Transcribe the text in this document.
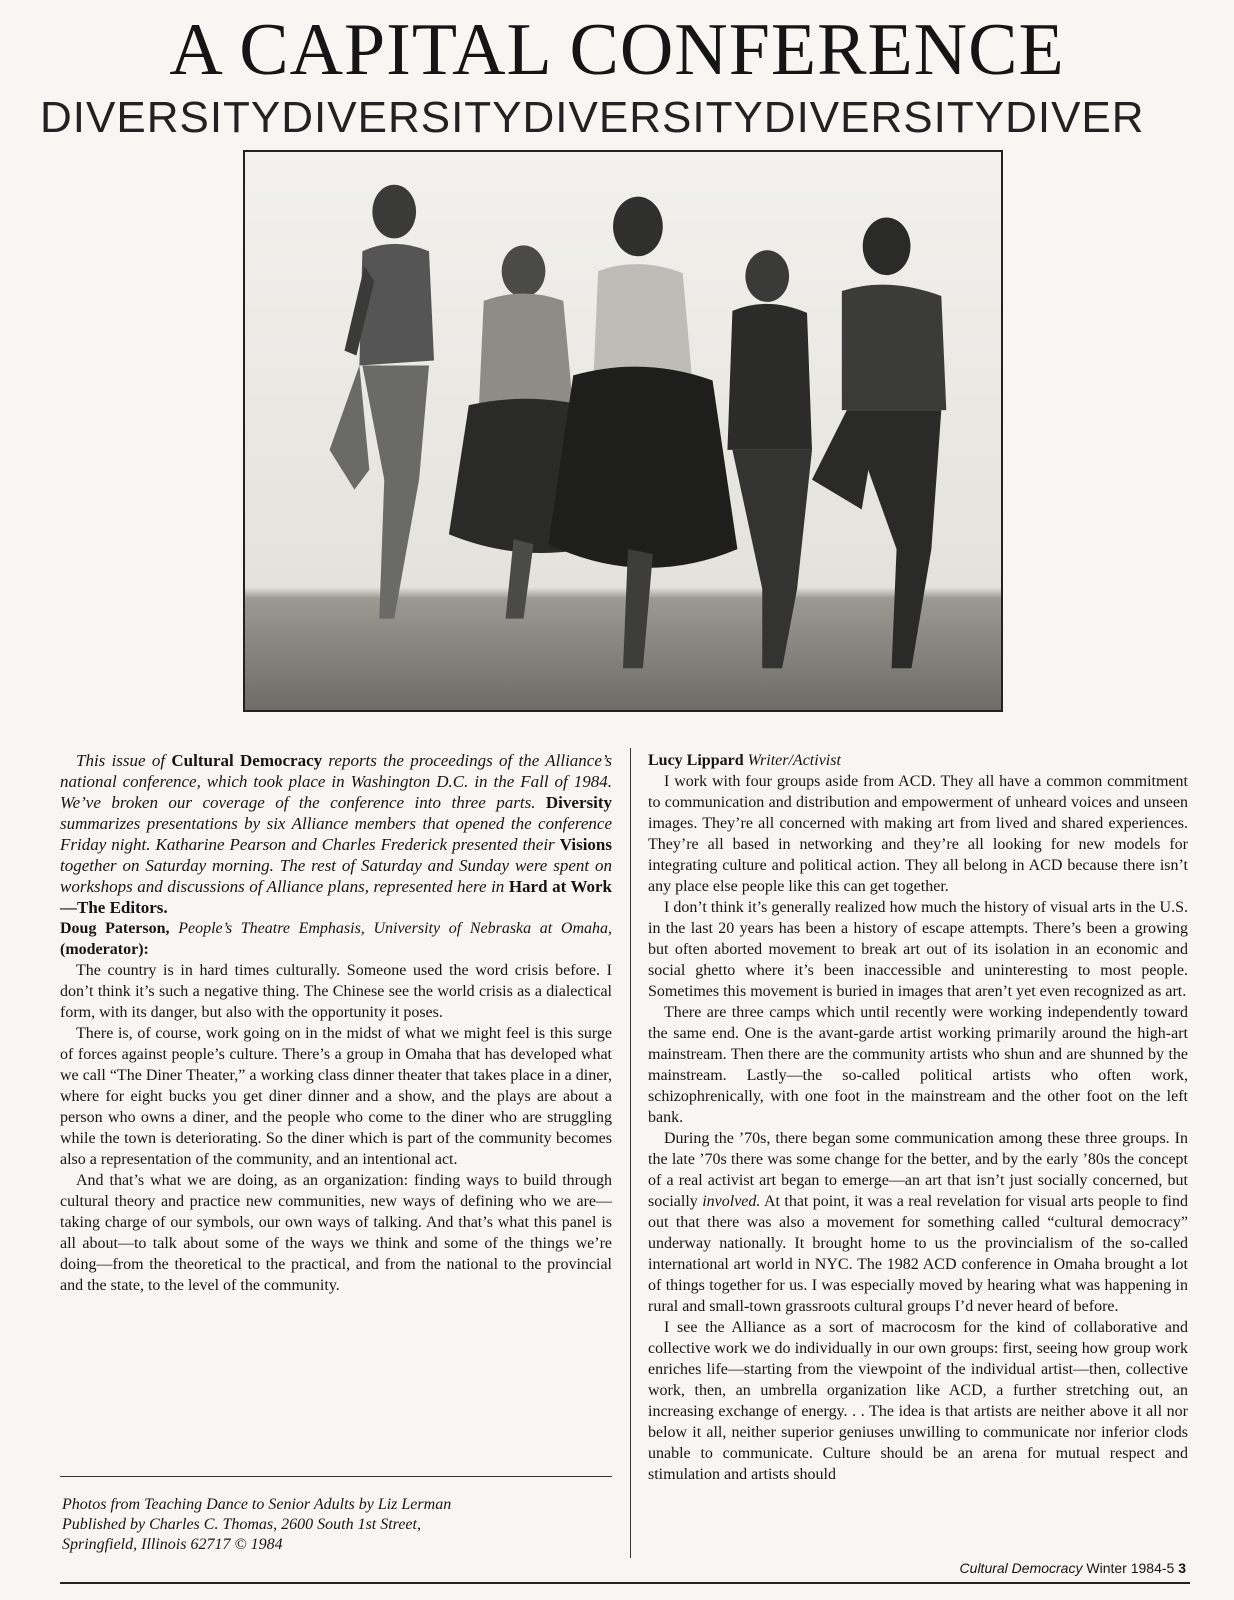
A CAPITAL CONFERENCE
DIVERSITYDIVERSITYDIVERSITYDIVERSITYDIVER

This issue of Cultural Democracy reports the proceedings of the Alliance’s national conference, which took place in Washington D.C. in the Fall of 1984. We’ve broken our coverage of the conference into three parts. Diversity summarizes presentations by six Alliance members that opened the conference Friday night. Katharine Pearson and Charles Frederick presented their Visions together on Saturday morning. The rest of Saturday and Sunday were spent on workshops and discussions of Alliance plans, represented here in Hard at Work—The Editors.

Doug Paterson, People’s Theatre Emphasis, University of Nebraska at Omaha, (moderator):

The country is in hard times culturally. Someone used the word crisis before. I don’t think it’s such a negative thing. The Chinese see the world crisis as a dialectical form, with its danger, but also with the opportunity it poses.

There is, of course, work going on in the midst of what we might feel is this surge of forces against people’s culture. There’s a group in Omaha that has developed what we call “The Diner Theater,” a working class dinner theater that takes place in a diner, where for eight bucks you get diner dinner and a show, and the plays are about a person who owns a diner, and the people who come to the diner who are struggling while the town is deteriorating. So the diner which is part of the community becomes also a representation of the community, and an intentional act.

And that’s what we are doing, as an organization: finding ways to build through cultural theory and practice new communities, new ways of defining who we are—taking charge of our symbols, our own ways of talking. And that’s what this panel is all about—to talk about some of the ways we think and some of the things we’re doing—from the theoretical to the practical, and from the national to the provincial and the state, to the level of the community.

Photos from Teaching Dance to Senior Adults by Liz Lerman
Published by Charles C. Thomas, 2600 South 1st Street,
Springfield, Illinois 62717 © 1984

Lucy Lippard Writer/Activist

I work with four groups aside from ACD. They all have a common commitment to communication and distribution and empowerment of unheard voices and unseen images. They’re all concerned with making art from lived and shared experiences. They’re all based in networking and they’re all looking for new models for integrating culture and political action. They all belong in ACD because there isn’t any place else people like this can get together.

I don’t think it’s generally realized how much the history of visual arts in the U.S. in the last 20 years has been a history of escape attempts. There’s been a growing but often aborted movement to break art out of its isolation in an economic and social ghetto where it’s been inaccessible and uninteresting to most people. Sometimes this movement is buried in images that aren’t yet even recognized as art.

There are three camps which until recently were working independently toward the same end. One is the avant-garde artist working primarily around the high-art mainstream. Then there are the community artists who shun and are shunned by the mainstream. Lastly—the so-called political artists who often work, schizophrenically, with one foot in the mainstream and the other foot on the left bank.

During the ’70s, there began some communication among these three groups. In the late ’70s there was some change for the better, and by the early ’80s the concept of a real activist art began to emerge—an art that isn’t just socially concerned, but socially involved. At that point, it was a real revelation for visual arts people to find out that there was also a movement for something called “cultural democracy” underway nationally. It brought home to us the provincialism of the so-called international art world in NYC. The 1982 ACD conference in Omaha brought a lot of things together for us. I was especially moved by hearing what was happening in rural and small-town grassroots cultural groups I’d never heard of before.

I see the Alliance as a sort of macrocosm for the kind of collaborative and collective work we do individually in our own groups: first, seeing how group work enriches life—starting from the viewpoint of the individual artist—then, collective work, then, an umbrella organization like ACD, a further stretching out, an increasing exchange of energy. . . The idea is that artists are neither above it all nor below it all, neither superior geniuses unwilling to communicate nor inferior clods unable to communicate. Culture should be an arena for mutual respect and stimulation and artists should

Cultural Democracy Winter 1984-5 3
